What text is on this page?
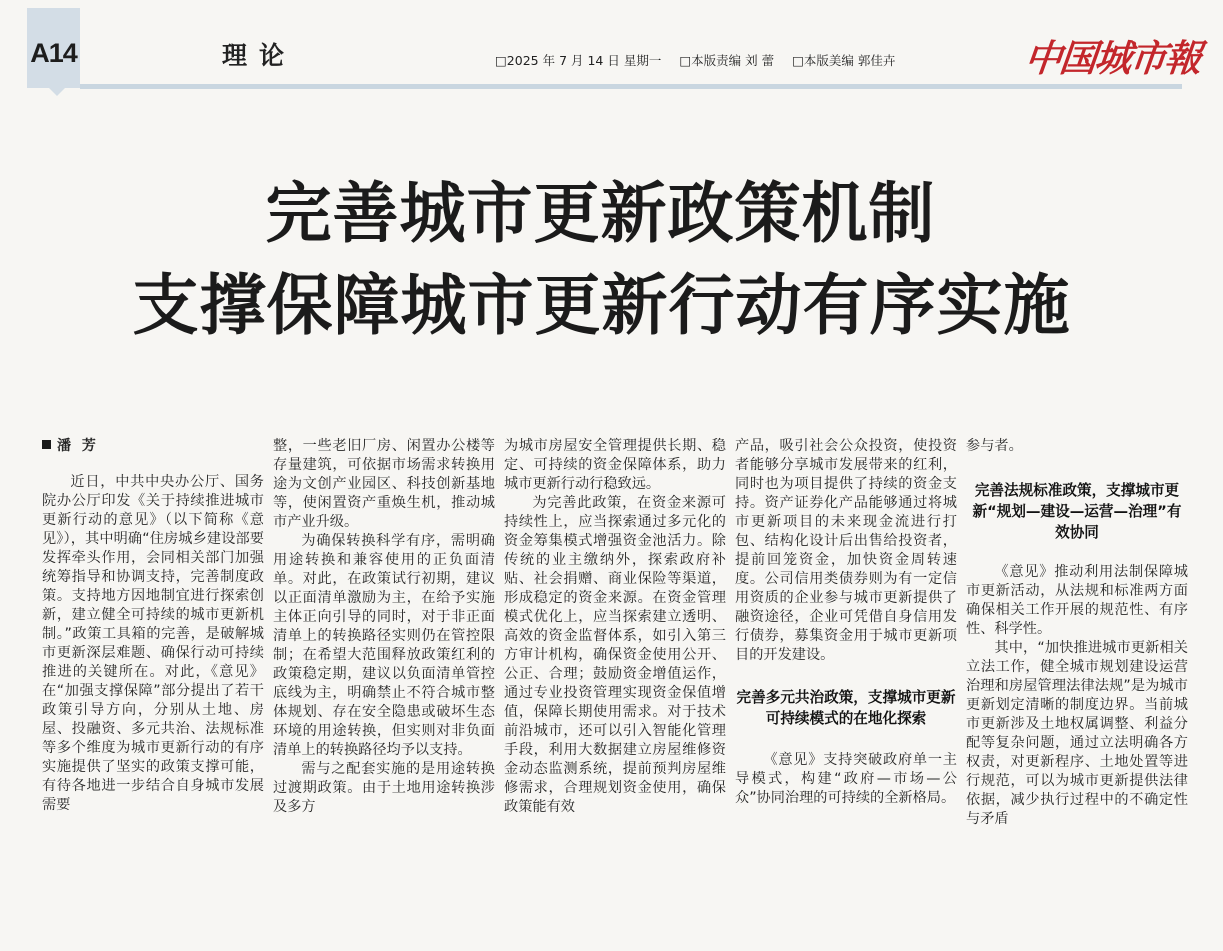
A14	理论	□2025 年 7 月 14 日 星期一 □本版责编 刘 蕾 □本版美编 郭佳卉	中国城市報
完善城市更新政策机制
支撑保障城市更新行动有序实施
潘 芳

近日，中共中央办公厅、国务院办公厅印发《关于持续推进城市更新行动的意见》（以下简称《意见》），其中明确“住房城乡建设部要发挥牵头作用，会同相关部门加强统筹指导和协调支持，完善制度政策。支持地方因地制宜进行探索创新，建立健全可持续的城市更新机制。”政策工具箱的完善，是破解城市更新深层难题、确保行动可持续推进的关键所在。对此，《意见》在“加强支撑保障”部分提出了若干政策引导方向，分别从土地、房屋、投融资、多元共治、法规标准等多个维度为城市更新行动的有序实施提供了坚实的政策支撑可能，有待各地进一步结合自身城市发展需要

整，一些老旧厂房、闲置办公楼等存量建筑，可依据市场需求转换用途为文创产业园区、科技创新基地等，使闲置资产重焕生机，推动城市产业升级。

为确保转换科学有序，需明确用途转换和兼容使用的正负面清单。对此，在政策试行初期，建议以正面清单激励为主，在给予实施主体正向引导的同时，对于非正面清单上的转换路径实则仍在管控限制；在希望大范围释放政策红利的政策稳定期，建议以负面清单管控底线为主，明确禁止不符合城市整体规划、存在安全隐患或破坏生态环境的用途转换，但实则对非负面清单上的转换路径均予以支持。

需与之配套实施的是用途转换过渡期政策。由于土地用途转换涉及多方

为城市房屋安全管理提供长期、稳定、可持续的资金保障体系，助力城市更新行动行稳致远。

为完善此政策，在资金来源可持续性上，应当探索通过多元化的资金筹集模式增强资金池活力。除传统的业主缴纳外，探索政府补贴、社会捐赠、商业保险等渠道，形成稳定的资金来源。在资金管理模式优化上，应当探索建立透明、高效的资金监督体系，如引入第三方审计机构，确保资金使用公开、公正、合理；鼓励资金增值运作，通过专业投资管理实现资金保值增值，保障长期使用需求。对于技术前沿城市，还可以引入智能化管理手段，利用大数据建立房屋维修资金动态监测系统，提前预判房屋维修需求，合理规划资金使用，确保政策能有效

产品，吸引社会公众投资，使投资者能够分享城市发展带来的红利，同时也为项目提供了持续的资金支持。资产证券化产品能够通过将城市更新项目的未来现金流进行打包、结构化设计后出售给投资者，提前回笼资金，加快资金周转速度。公司信用类债券则为有一定信用资质的企业参与城市更新提供了融资途径，企业可凭借自身信用发行债券，募集资金用于城市更新项目的开发建设。

完善多元共治政策，支撑城市更新可持续模式的在地化探索

《意见》支持突破政府单一主导模式，构建“政府—市场—公众”协同治理的可持续的全新格局。

参与者。

完善法规标准政策，支撑城市更新“规划—建设—运营—治理”有效协同

《意见》推动利用法制保障城市更新活动，从法规和标准两方面确保相关工作开展的规范性、有序性、科学性。

其中，“加快推进城市更新相关立法工作，健全城市规划建设运营治理和房屋管理法律法规”是为城市更新划定清晰的制度边界。当前城市更新涉及土地权属调整、利益分配等复杂问题，通过立法明确各方权责，对更新程序、土地处置等进行规范，可以为城市更新提供法律依据，减少执行过程中的不确定性与矛盾
